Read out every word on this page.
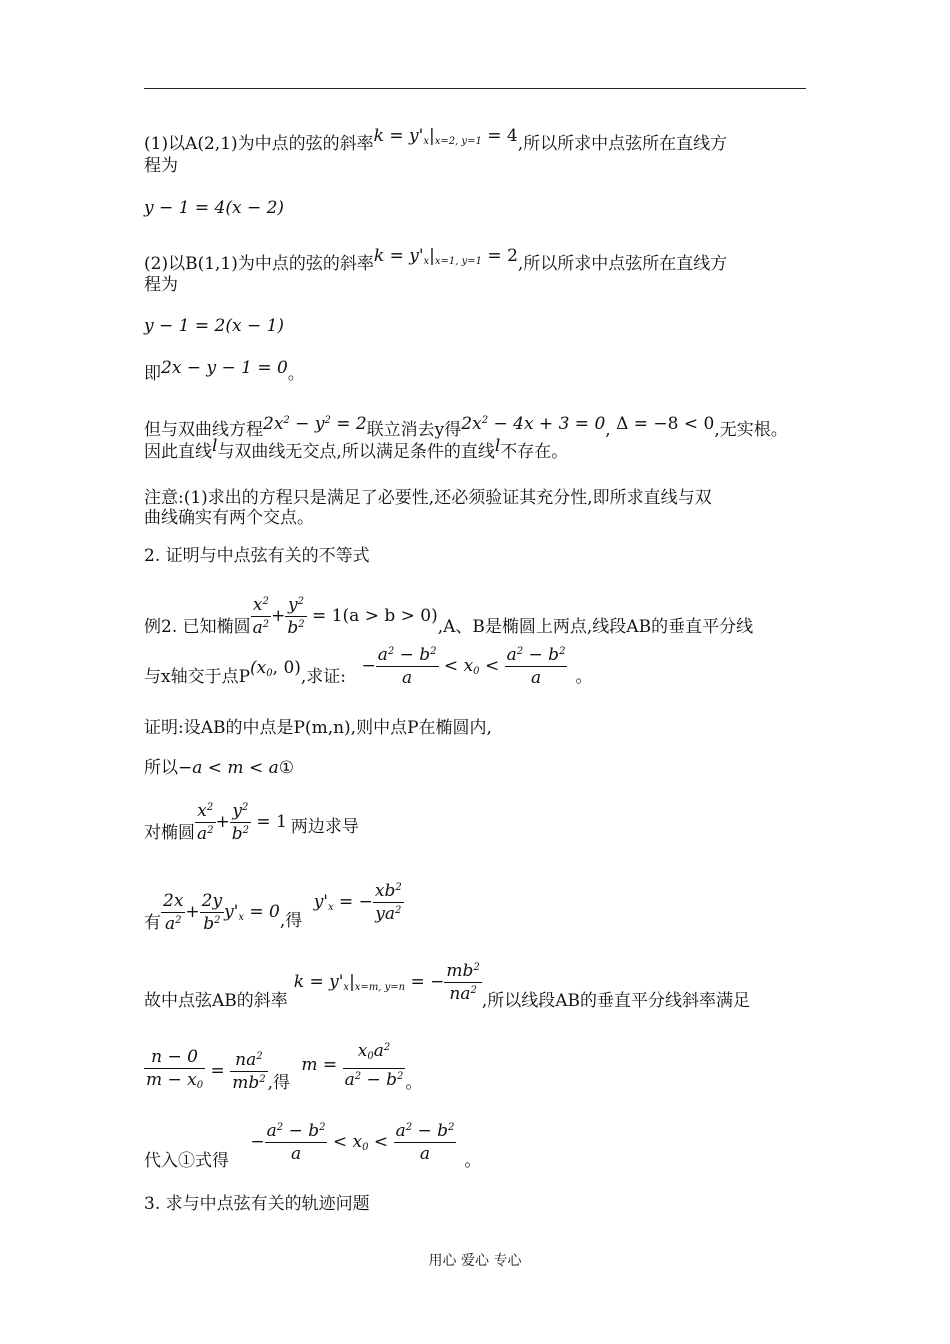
(1)以A(2,1)为中点的弦的斜率$k = y'_x|_{x=2, y=1} = 4$,所以所求中点弦所在直线方
程为
y − 1 = 4(x − 2)
(2)以B(1,1)为中点的弦的斜率$k = y'_x|_{x=1, y=1} = 2$,所以所求中点弦所在直线方
程为
y − 1 = 2(x − 1)
即2x − y − 1 = 0。
但与双曲线方程$2x^2 - y^2 = 2$联立消去y得$2x^2 - 4x + 3 = 0$, Δ = −8 < 0,无实根。
因此直线l与双曲线无交点,所以满足条件的直线l不存在。
注意:(1)求出的方程只是满足了必要性,还必须验证其充分性,即所求直线与双
曲线确实有两个交点。
2. 证明与中点弦有关的不等式
例2. 已知椭圆 $\frac{x^2}{a^2} + \frac{y^2}{b^2} = 1(a > b > 0),A$、B是椭圆上两点,线段AB的垂直平分线
与x轴交于点$P(x_0$, 0),求证: − $\frac{a^2 - b^2}{a} < x_0 < \frac{a^2 - b^2}{a}$ 。
证明:设AB的中点是P(m,n),则中点P在椭圆内,
所以−a < m < a①
对椭圆 $\frac{x^2}{a^2} + \frac{y^2}{b^2} = 1$ 两边求导
有 $\frac{2x}{a^2} + \frac{2y}{b^2} y'_x = 0$,得 $y'_x$ = − $\frac{xb^2}{ya^2}$
故中点弦AB的斜率$k = y'_x|_{x=m, y=n}$ = − $\frac{mb^2}{na^2}$ ,所以线段AB的垂直平分线斜率满足
$\frac{n - 0}{m - x_0} = \frac{na^2}{mb^2}$ ,得 $m = \frac{x_0a^2}{a^2 - b^2}$ 。
代入①式得 − $\frac{a^2 - b^2}{a} < x_0 < \frac{a^2 - b^2}{a}$ 。
3. 求与中点弦有关的轨迹问题
用心 爱心 专心
